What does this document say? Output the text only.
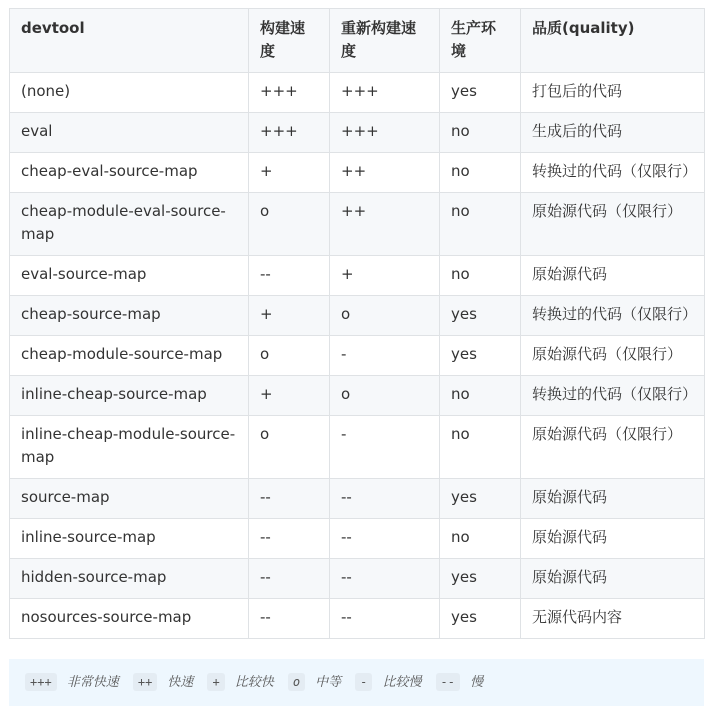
devtool	构建速度	重新构建速度	生产环境	品质(quality)
(none)	+++	+++	yes	打包后的代码
eval	+++	+++	no	生成后的代码
cheap-eval-source-map	+	++	no	转换过的代码（仅限行）
cheap-module-eval-source-map	o	++	no	原始源代码（仅限行）
eval-source-map	--	+	no	原始源代码
cheap-source-map	+	o	yes	转换过的代码（仅限行）
cheap-module-source-map	o	-	yes	原始源代码（仅限行）
inline-cheap-source-map	+	o	no	转换过的代码（仅限行）
inline-cheap-module-source-map	o	-	no	原始源代码（仅限行）
source-map	--	--	yes	原始源代码
inline-source-map	--	--	no	原始源代码
hidden-source-map	--	--	yes	原始源代码
nosources-source-map	--	--	yes	无源代码内容
+++ 非常快速 ++ 快速 + 比较快 o 中等 - 比较慢 -- 慢
